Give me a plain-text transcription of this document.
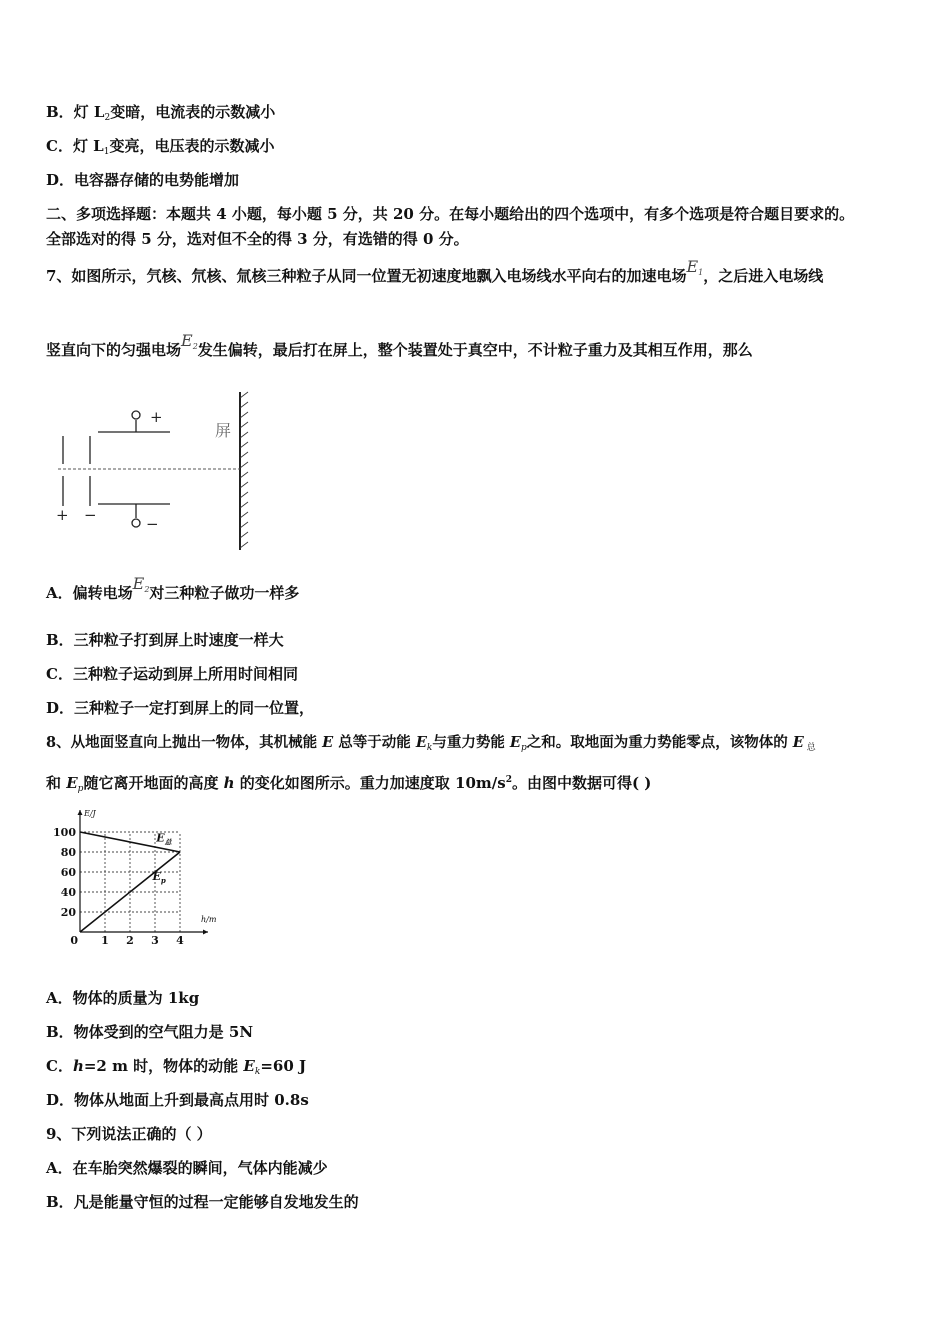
B．灯 $L_2$变暗，电流表的示数减小
C．灯 $L_1$变亮，电压表的示数减小
D．电容器存储的电势能增加
二、多项选择题：本题共 4 小题，每小题 5 分，共 20 分。在每小题给出的四个选项中，有多个选项是符合题目要求的。
全部选对的得 5 分，选对但不全的得 3 分，有选错的得 0 分。
7、如图所示，氕核、氘核、氚核三种粒子从同一位置无初速度地飘入电场线水平向右的加速电场E1，之后进入电场线
竖直向下的匀强电场E2发生偏转，最后打在屏上，整个装置处于真空中，不计粒子重力及其相互作用，那么
+
−
+ −
屏
A．偏转电场E2对三种粒子做功一样多
B．三种粒子打到屏上时速度一样大
C．三种粒子运动到屏上所用时间相同
D．三种粒子一定打到屏上的同一位置，
8、从地面竖直向上抛出一物体，其机械能 E 总等于动能 $E_k$与重力势能 $E_p$之和。取地面为重力势能零点，该物体的 E $_总$
和 $E_p$随它离开地面的高度 h 的变化如图所示。重力加速度取 $10m/s^2$。由图中数据可得( )
20
40
60
80
100
1 2 3 4
0
E/J
h/m
$E_总$
$E_p$
A．物体的质量为 1kg
B．物体受到的空气阻力是 5N
C．h=2 m 时，物体的动能 $E_k=60$ J
D．物体从地面上升到最高点用时 0.8s
9、下列说法正确的（ ）
A．在车胎突然爆裂的瞬间，气体内能减少
B．凡是能量守恒的过程一定能够自发地发生的
